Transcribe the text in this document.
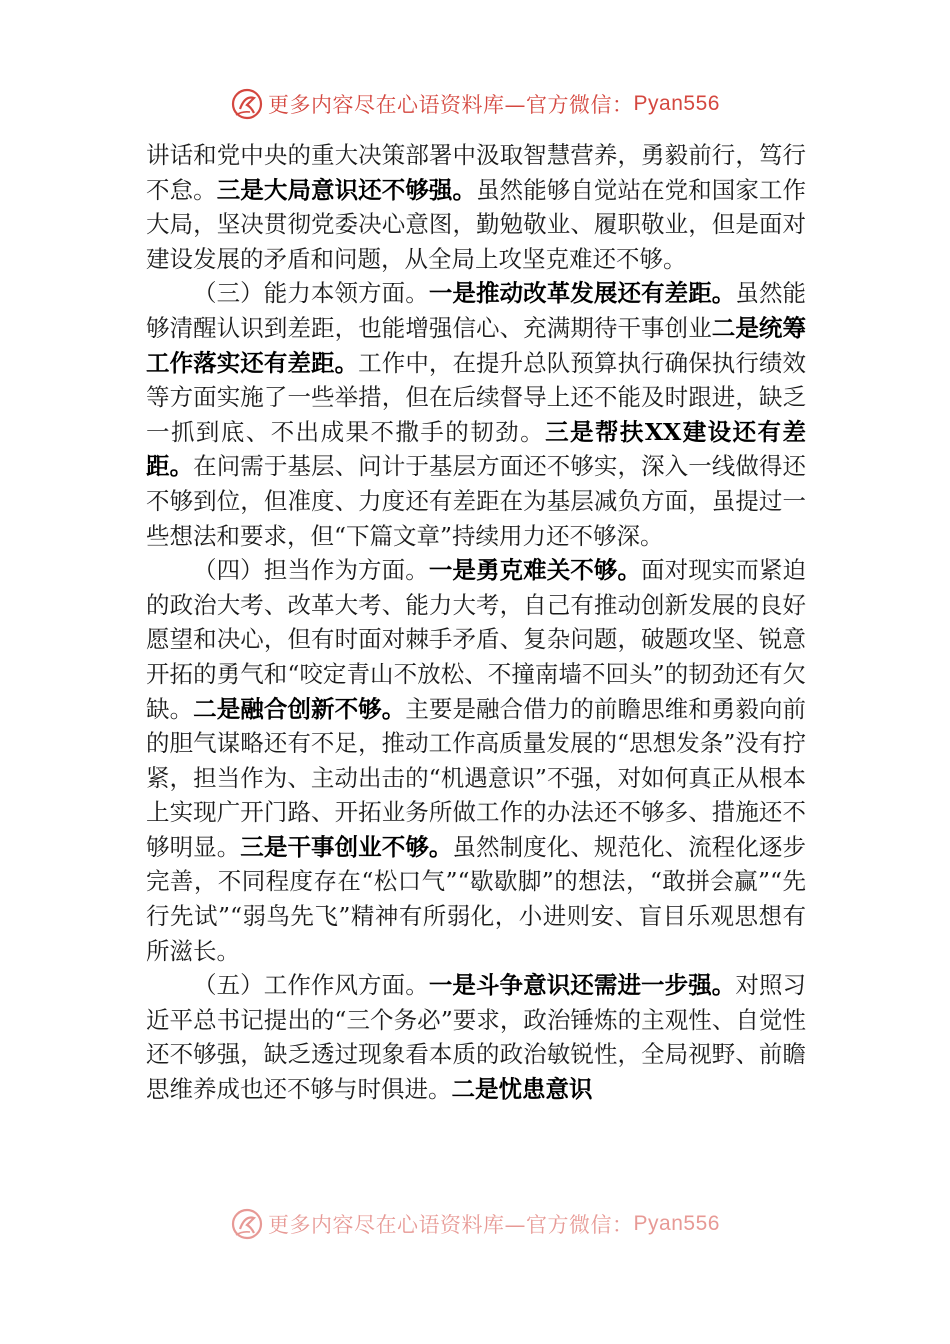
更多内容尽在心语资料库—官方微信： Pyan556

讲话和党中央的重大决策部署中汲取智慧营养，勇毅前行，笃行不怠。三是大局意识还不够强。虽然能够自觉站在党和国家工作大局，坚决贯彻党委决心意图，勤勉敬业、履职敬业，但是面对建设发展的矛盾和问题，从全局上攻坚克难还不够。

（三）能力本领方面。一是推动改革发展还有差距。虽然能够清醒认识到差距，也能增强信心、充满期待干事创业二是统筹工作落实还有差距。工作中，在提升总队预算执行确保执行绩效等方面实施了一些举措，但在后续督导上还不能及时跟进，缺乏一抓到底、不出成果不撒手的韧劲。三是帮扶XX建设还有差距。在问需于基层、问计于基层方面还不够实，深入一线做得还不够到位，但准度、力度还有差距在为基层减负方面，虽提过一些想法和要求，但“下篇文章”持续用力还不够深。

（四）担当作为方面。一是勇克难关不够。面对现实而紧迫的政治大考、改革大考、能力大考，自己有推动创新发展的良好愿望和决心，但有时面对棘手矛盾、复杂问题，破题攻坚、锐意开拓的勇气和“咬定青山不放松、不撞南墙不回头”的韧劲还有欠缺。二是融合创新不够。主要是融合借力的前瞻思维和勇毅向前的胆气谋略还有不足，推动工作高质量发展的“思想发条”没有拧紧，担当作为、主动出击的“机遇意识”不强，对如何真正从根本上实现广开门路、开拓业务所做工作的办法还不够多、措施还不够明显。三是干事创业不够。虽然制度化、规范化、流程化逐步完善，不同程度存在“松口气”“歇歇脚”的想法，“敢拼会赢”“先行先试”“弱鸟先飞”精神有所弱化，小进则安、盲目乐观思想有所滋长。

（五）工作作风方面。一是斗争意识还需进一步强。对照习近平总书记提出的“三个务必”要求，政治锤炼的主观性、自觉性还不够强，缺乏透过现象看本质的政治敏锐性，全局视野、前瞻思维养成也还不够与时俱进。二是忧患意识

更多内容尽在心语资料库—官方微信： Pyan556
